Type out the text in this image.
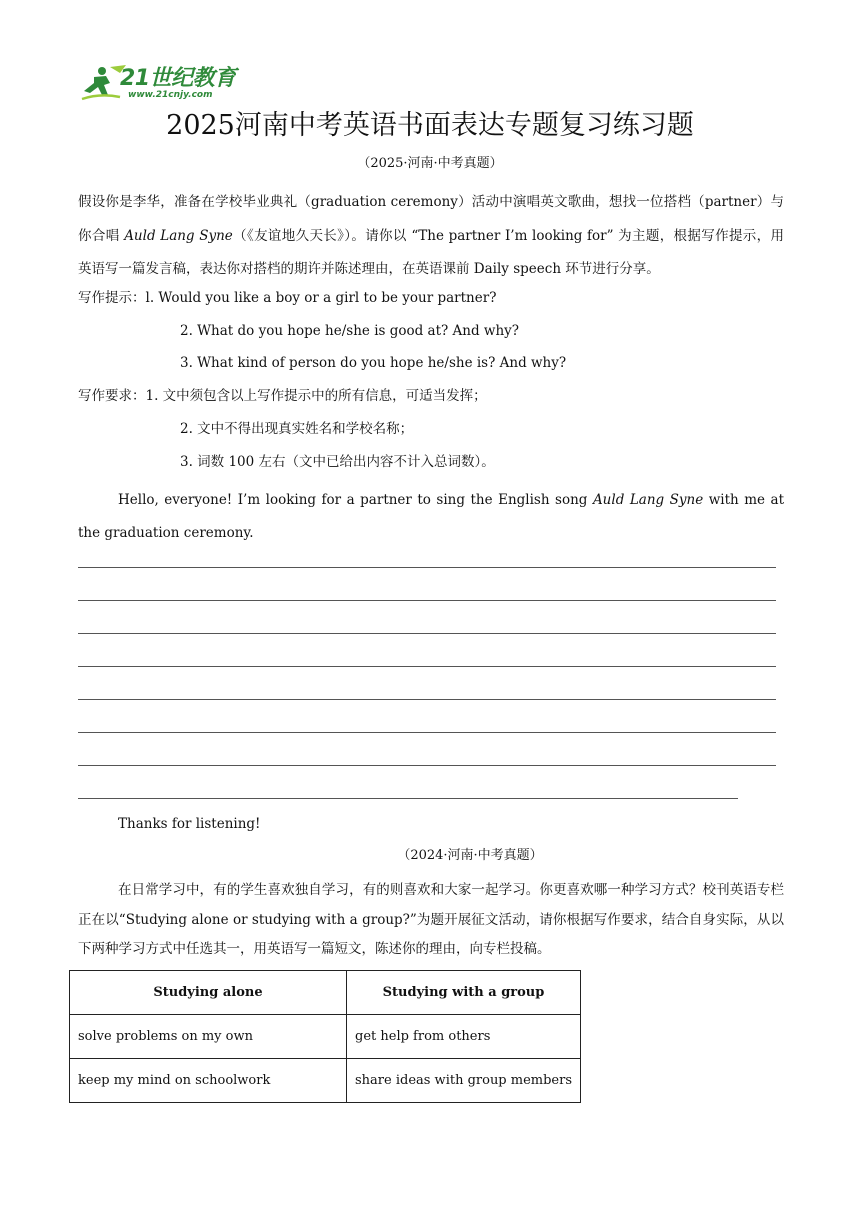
21世纪教育
www.21cnjy.com
2025河南中考英语书面表达专题复习练习题
（2025·河南·中考真题）
假设你是李华，准备在学校毕业典礼（graduation ceremony）活动中演唱英文歌曲，想找一位搭档（partner）与你合唱 Auld Lang Syne（《友谊地久天长》）。请你以 “The partner I’m looking for” 为主题，根据写作提示，用英语写一篇发言稿，表达你对搭档的期许并陈述理由，在英语课前 Daily speech 环节进行分享。
写作提示：l. Would you like a boy or a girl to be your partner?
2. What do you hope he/she is good at? And why?
3. What kind of person do you hope he/she is? And why?
写作要求：1. 文中须包含以上写作提示中的所有信息，可适当发挥；
2. 文中不得出现真实姓名和学校名称；
3. 词数 100 左右（文中已给出内容不计入总词数）。
Hello, everyone! I’m looking for a partner to sing the English song Auld Lang Syne with me at the graduation ceremony.
Thanks for listening!
（2024·河南·中考真题）
在日常学习中，有的学生喜欢独自学习，有的则喜欢和大家一起学习。你更喜欢哪一种学习方式？校刊英语专栏正在以“Studying alone or studying with a group?”为题开展征文活动，请你根据写作要求，结合自身实际，从以下两种学习方式中任选其一，用英语写一篇短文，陈述你的理由，向专栏投稿。
Studying alone	Studying with a group
solve problems on my own	get help from others
keep my mind on schoolwork	share ideas with group members
